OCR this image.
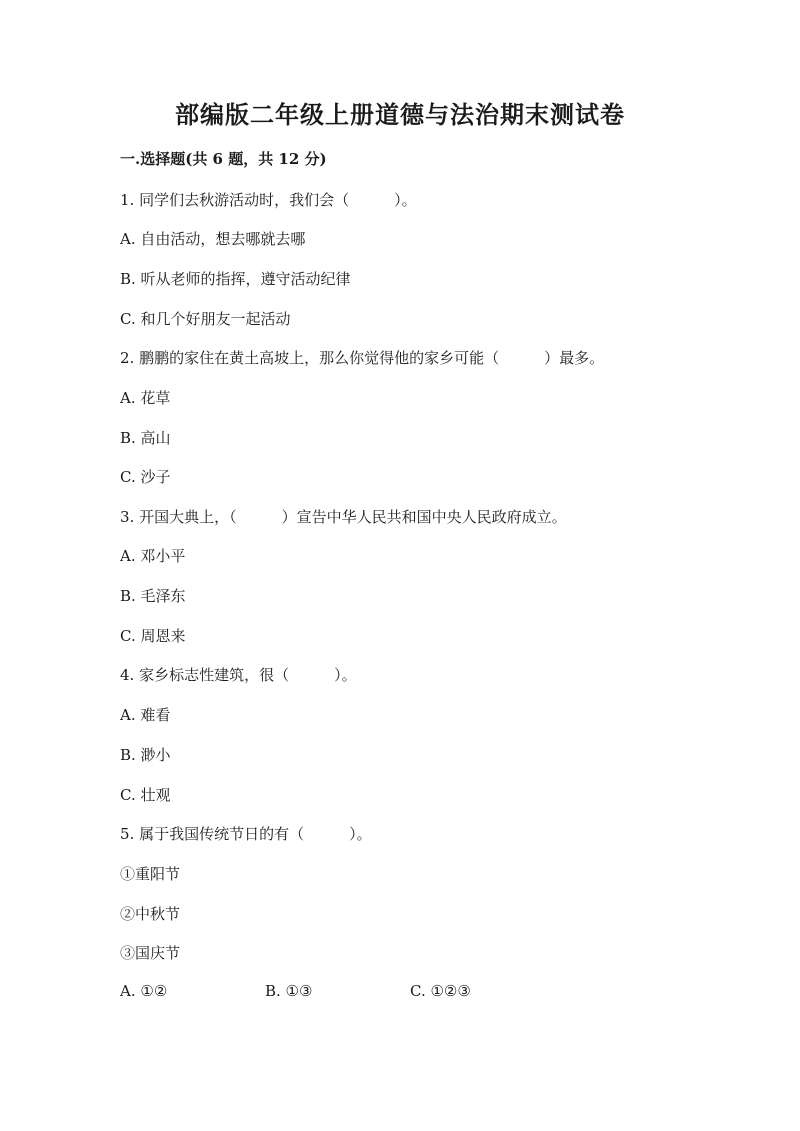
部编版二年级上册道德与法治期末测试卷
一.选择题(共 6 题，共 12 分)
1. 同学们去秋游活动时，我们会（　　　）。
A. 自由活动，想去哪就去哪
B. 听从老师的指挥，遵守活动纪律
C. 和几个好朋友一起活动
2. 鹏鹏的家住在黄土高坡上，那么你觉得他的家乡可能（　　　）最多。
A. 花草
B. 高山
C. 沙子
3. 开国大典上，（　　　）宣告中华人民共和国中央人民政府成立。
A. 邓小平
B. 毛泽东
C. 周恩来
4. 家乡标志性建筑，很（　　　）。
A. 难看
B. 渺小
C. 壮观
5. 属于我国传统节日的有（　　　）。
①重阳节
②中秋节
③国庆节
A. ①②	B. ①③	C. ①②③
